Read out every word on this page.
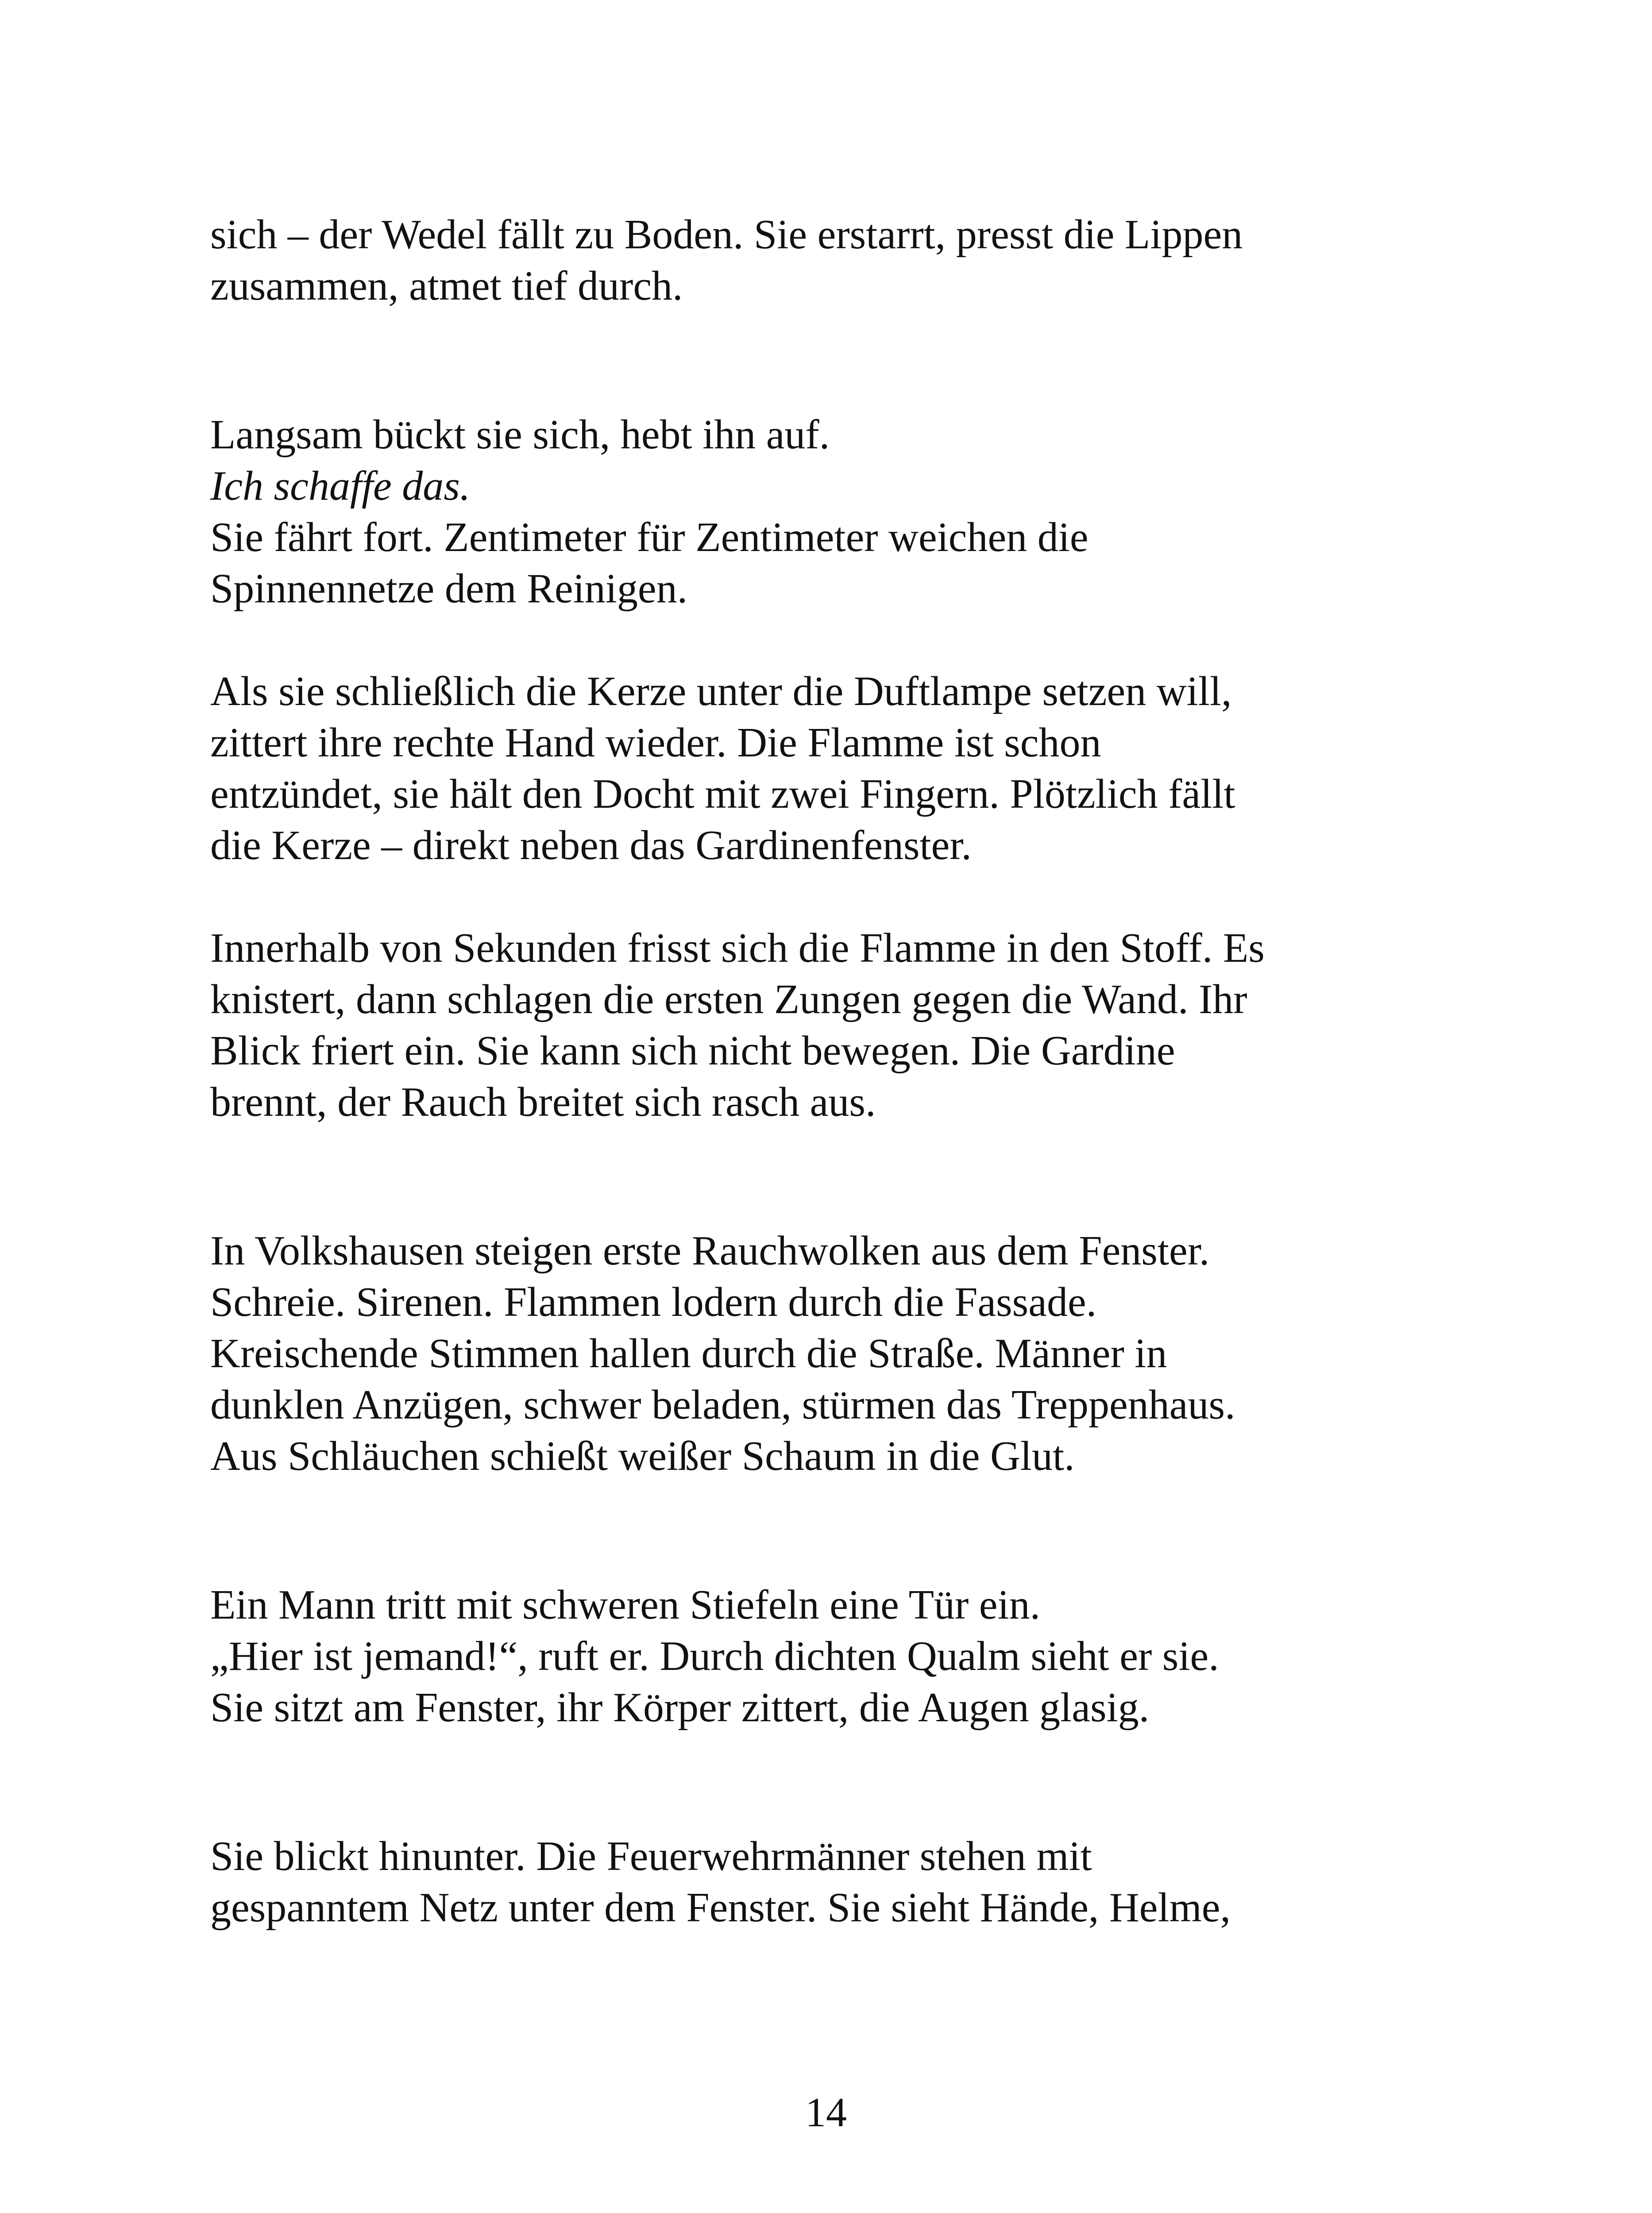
sich – der Wedel fällt zu Boden. Sie erstarrt, presst die Lippen
zusammen, atmet tief durch.
Langsam bückt sie sich, hebt ihn auf.
Ich schaffe das.
Sie fährt fort. Zentimeter für Zentimeter weichen die
Spinnennetze dem Reinigen.
Als sie schließlich die Kerze unter die Duftlampe setzen will,
zittert ihre rechte Hand wieder. Die Flamme ist schon
entzündet, sie hält den Docht mit zwei Fingern. Plötzlich fällt
die Kerze – direkt neben das Gardinenfenster.
Innerhalb von Sekunden frisst sich die Flamme in den Stoff. Es
knistert, dann schlagen die ersten Zungen gegen die Wand. Ihr
Blick friert ein. Sie kann sich nicht bewegen. Die Gardine
brennt, der Rauch breitet sich rasch aus.
In Volkshausen steigen erste Rauchwolken aus dem Fenster.
Schreie. Sirenen. Flammen lodern durch die Fassade.
Kreischende Stimmen hallen durch die Straße. Männer in
dunklen Anzügen, schwer beladen, stürmen das Treppenhaus.
Aus Schläuchen schießt weißer Schaum in die Glut.
Ein Mann tritt mit schweren Stiefeln eine Tür ein.
„Hier ist jemand!“, ruft er. Durch dichten Qualm sieht er sie.
Sie sitzt am Fenster, ihr Körper zittert, die Augen glasig.
Sie blickt hinunter. Die Feuerwehrmänner stehen mit
gespanntem Netz unter dem Fenster. Sie sieht Hände, Helme,
14
